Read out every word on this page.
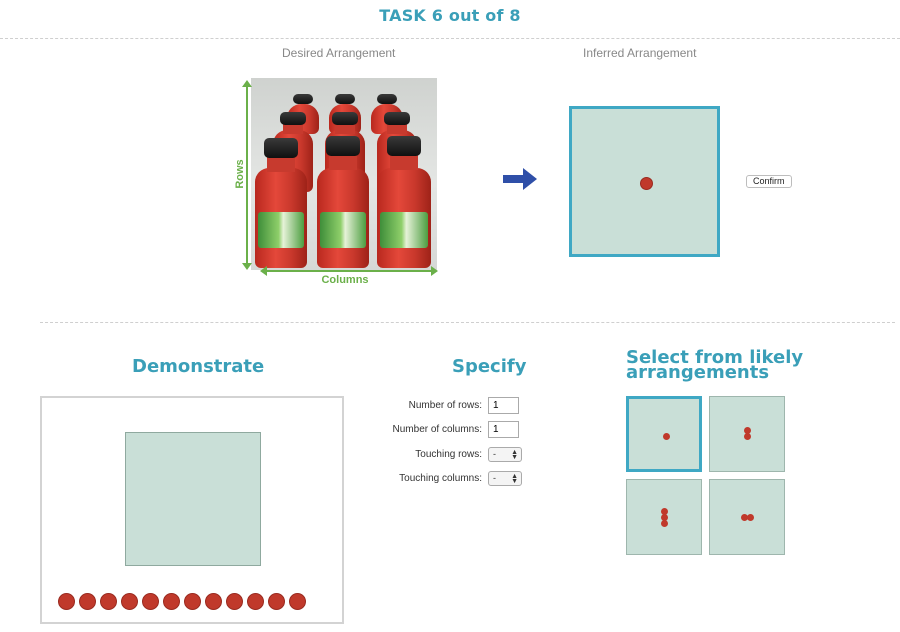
TASK 6 out of 8
Desired Arrangement	Inferred Arrangement
Rows
Columns
Confirm
Demonstrate	Specify	Select from likely arrangements
Number of rows:
1
Number of columns:
1
Touching rows:	- ▲
▼
Touching columns:	- ▲
▼
